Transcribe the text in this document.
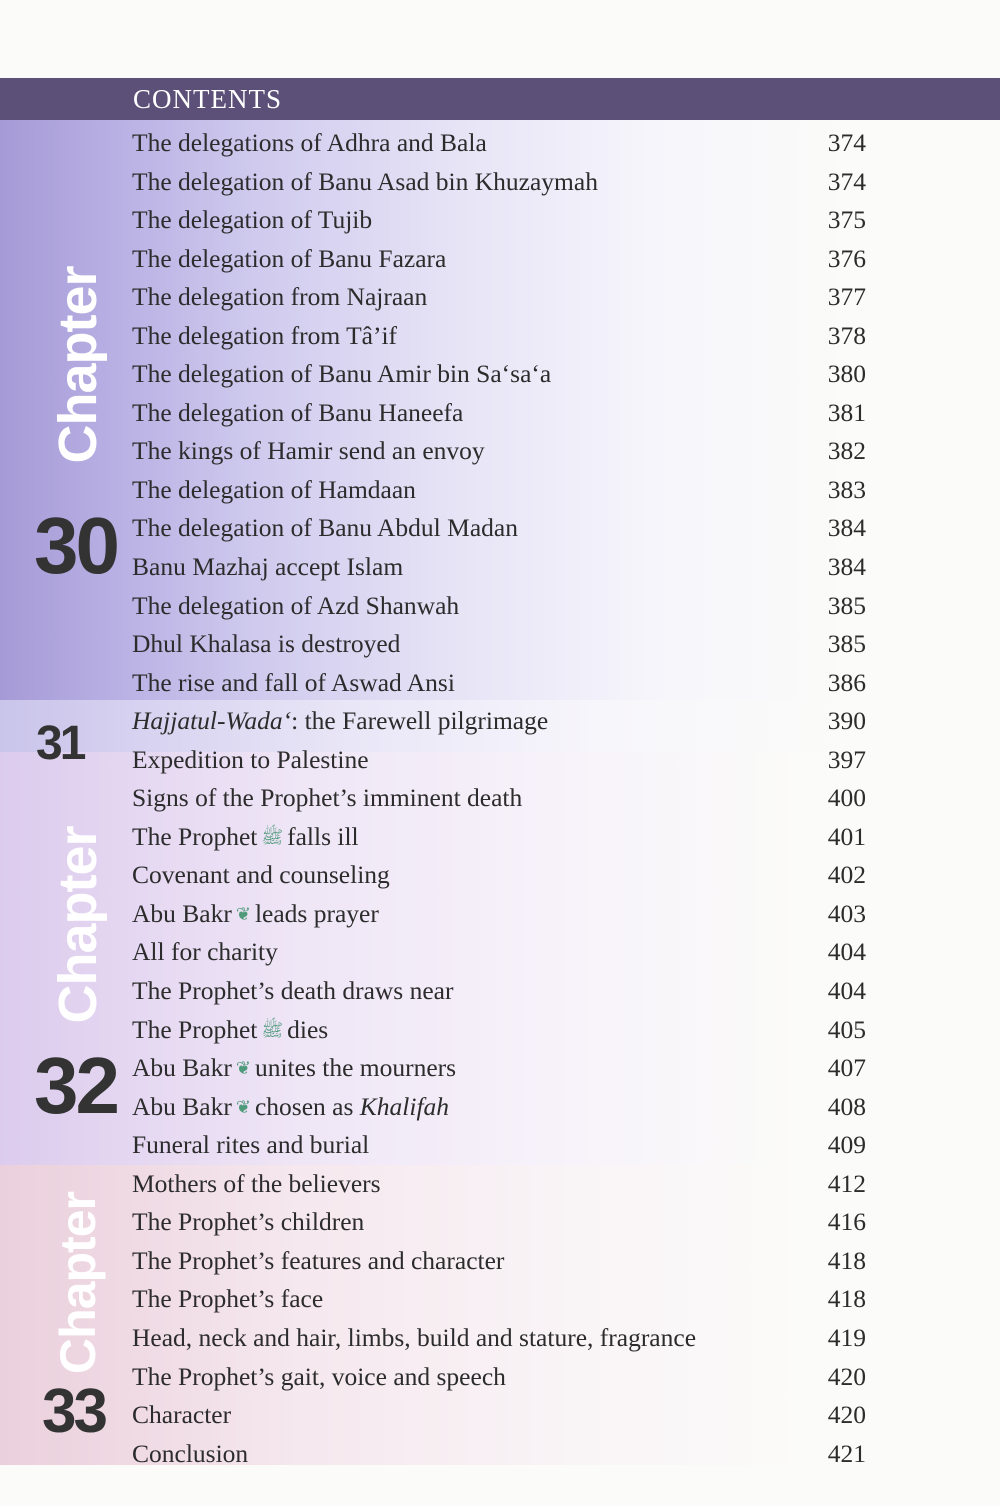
CONTENTS
Chapter
30
31
Chapter
32
Chapter
33
The delegations of Adhra and Bala	374
The delegation of Banu Asad bin Khuzaymah	374
The delegation of Tujib	375
The delegation of Banu Fazara	376
The delegation from Najraan	377
The delegation from Tâ’if	378
The delegation of Banu Amir bin Sa‘sa‘a	380
The delegation of Banu Haneefa	381
The kings of Hamir send an envoy	382
The delegation of Hamdaan	383
The delegation of Banu Abdul Madan	384
Banu Mazhaj accept Islam	384
The delegation of Azd Shanwah	385
Dhul Khalasa is destroyed	385
The rise and fall of Aswad Ansi	386
Hajjatul-Wada‘: the Farewell pilgrimage	390
Expedition to Palestine	397
Signs of the Prophet’s imminent death	400
The Prophet ﷺ falls ill	401
Covenant and counseling	402
Abu Bakr ❦ leads prayer	403
All for charity	404
The Prophet’s death draws near	404
The Prophet ﷺ dies	405
Abu Bakr ❦ unites the mourners	407
Abu Bakr ❦ chosen as Khalifah	408
Funeral rites and burial	409
Mothers of the believers	412
The Prophet’s children	416
The Prophet’s features and character	418
The Prophet’s face	418
Head, neck and hair, limbs, build and stature, fragrance	419
The Prophet’s gait, voice and speech	420
Character	420
Conclusion	421
